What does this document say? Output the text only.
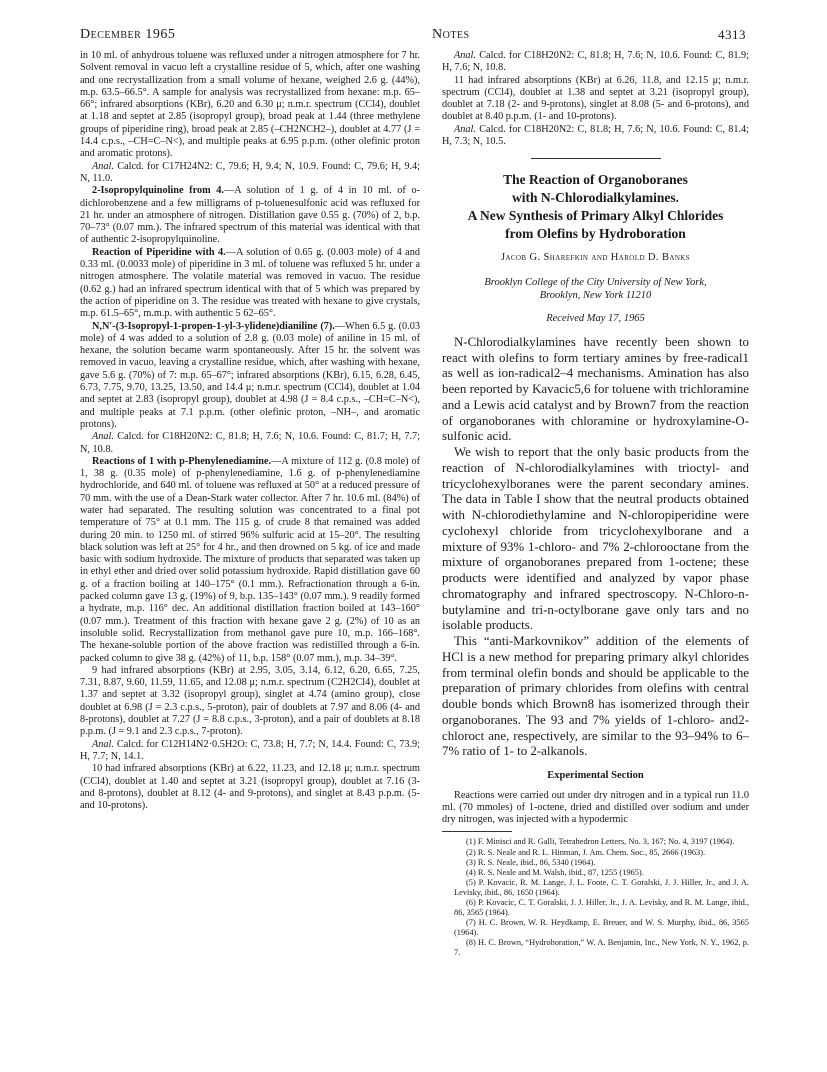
December 1965	Notes	4313

in 10 ml. of anhydrous toluene was refluxed under a nitrogen atmosphere for 7 hr. Solvent removal in vacuo left a crystalline residue of 5, which, after one washing and one recrystallization from a small volume of hexane, weighed 2.6 g. (44%), m.p. 63.5–66.5°. A sample for analysis was recrystallized from hexane: m.p. 65–66°; infrared absorptions (KBr), 6.20 and 6.30 μ; n.m.r. spectrum (CCl4), doublet at 1.18 and septet at 2.85 (isopropyl group), broad peak at 1.44 (three methylene groups of piperidine ring), broad peak at 2.85 (–CH2NCH2–), doublet at 4.77 (J = 14.4 c.p.s., –CH=C–N<), and multiple peaks at 6.95 p.p.m. (other olefinic proton and aromatic protons).

Anal. Calcd. for C17H24N2: C, 79.6; H, 9.4; N, 10.9. Found: C, 79.6; H, 9.4; N, 11.0.

2-Isopropylquinoline from 4.—A solution of 1 g. of 4 in 10 ml. of o-dichlorobenzene and a few milligrams of p-toluenesulfonic acid was refluxed for 21 hr. under an atmosphere of nitrogen. Distillation gave 0.55 g. (70%) of 2, b.p. 70–73° (0.07 mm.). The infrared spectrum of this material was identical with that of authentic 2-isopropylquinoline.

Reaction of Piperidine with 4.—A solution of 0.65 g. (0.003 mole) of 4 and 0.33 ml. (0.0033 mole) of piperidine in 3 ml. of toluene was refluxed 5 hr. under a nitrogen atmosphere. The volatile material was removed in vacuo. The residue (0.62 g.) had an infrared spectrum identical with that of 5 which was prepared by the action of piperidine on 3. The residue was treated with hexane to give crystals, m.p. 61.5–65°, m.m.p. with authentic 5 62–65°.

N,N′-(3-Isopropyl-1-propen-1-yl-3-ylidene)dianiline (7).—When 6.5 g. (0.03 mole) of 4 was added to a solution of 2.8 g. (0.03 mole) of aniline in 15 ml. of hexane, the solution became warm spontaneously. After 15 hr. the solvent was removed in vacuo, leaving a crystalline residue, which, after washing with hexane, gave 5.6 g. (70%) of 7: m.p. 65–67°; infrared absorptions (KBr), 6.15, 6.28, 6.45, 6.73, 7.75, 9.70, 13.25, 13.50, and 14.4 μ; n.m.r. spectrum (CCl4), doublet at 1.04 and septet at 2.83 (isopropyl group), doublet at 4.98 (J = 8.4 c.p.s., –CH=C–N<), and multiple peaks at 7.1 p.p.m. (other olefinic proton, –NH–, and aromatic protons).

Anal. Calcd. for C18H20N2: C, 81.8; H, 7.6; N, 10.6. Found: C, 81.7; H, 7.7; N, 10.8.

Reactions of 1 with p-Phenylenediamine.—A mixture of 112 g. (0.8 mole) of 1, 38 g. (0.35 mole) of p-phenylenediamine, 1.6 g. of p-phenylenediamine hydrochloride, and 640 ml. of toluene was refluxed at 50° at a reduced pressure of 70 mm. with the use of a Dean-Stark water collector. After 7 hr. 10.6 ml. (84%) of water had separated. The resulting solution was concentrated to a final pot temperature of 75° at 0.1 mm. The 115 g. of crude 8 that remained was added during 20 min. to 1250 ml. of stirred 96% sulfuric acid at 15–20°. The resulting black solution was left at 25° for 4 hr., and then drowned on 5 kg. of ice and made basic with sodium hydroxide. The mixture of products that separated was taken up in ethyl ether and dried over solid potassium hydroxide. Rapid distillation gave 60 g. of a fraction boiling at 140–175° (0.1 mm.). Refractionation through a 6-in. packed column gave 13 g. (19%) of 9, b.p. 135–143° (0.07 mm.). 9 readily formed a hydrate, m.p. 116° dec. An additional distillation fraction boiled at 143–160° (0.07 mm.). Treatment of this fraction with hexane gave 2 g. (2%) of 10 as an insoluble solid. Recrystallization from methanol gave pure 10, m.p. 166–168°. The hexane-soluble portion of the above fraction was redistilled through a 6-in. packed column to give 38 g. (42%) of 11, b.p. 158° (0.07 mm.), m.p. 34–39°.

9 had infrared absorptions (KBr) at 2.95, 3.05, 3.14, 6.12, 6.20, 6.65, 7.25, 7.31, 8.87, 9.60, 11.59, 11.65, and 12.08 μ; n.m.r. spectrum (C2H2Cl4), doublet at 1.37 and septet at 3.32 (isopropyl group), singlet at 4.74 (amino group), close doublet at 6.98 (J = 2.3 c.p.s., 5-proton), pair of doublets at 7.97 and 8.06 (4- and 8-protons), doublet at 7.27 (J = 8.8 c.p.s., 3-proton), and a pair of doublets at 8.18 p.p.m. (J = 9.1 and 2.3 c.p.s., 7-proton).

Anal. Calcd. for C12H14N2·0.5H2O: C, 73.8; H, 7.7; N, 14.4. Found: C, 73.9; H, 7.7; N, 14.1.

10 had infrared absorptions (KBr) at 6.22, 11.23, and 12.18 μ; n.m.r. spectrum (CCl4), doublet at 1.40 and septet at 3.21 (isopropyl group), doublet at 7.16 (3- and 8-protons), doublet at 8.12 (4- and 9-protons), and singlet at 8.43 p.p.m. (5- and 10-protons).

Anal. Calcd. for C18H20N2: C, 81.8; H, 7.6; N, 10.6. Found: C, 81.9; H, 7.6; N, 10.8.

11 had infrared absorptions (KBr) at 6.26, 11.8, and 12.15 μ; n.m.r. spectrum (CCl4), doublet at 1.38 and septet at 3.21 (isopropyl group), doublet at 7.18 (2- and 9-protons), singlet at 8.08 (5- and 6-protons), and doublet at 8.40 p.p.m. (1- and 10-protons).

Anal. Calcd. for C18H20N2: C, 81.8; H, 7.6; N, 10.6. Found: C, 81.4; H, 7.3; N, 10.5.

The Reaction of Organoboranes
with N-Chlorodialkylamines.
A New Synthesis of Primary Alkyl Chlorides
from Olefins by Hydroboration
Jacob G. Sharefkin and Harold D. Banks
Brooklyn College of the City University of New York,
Brooklyn, New York 11210
Received May 17, 1965

N-Chlorodialkylamines have recently been shown to react with olefins to form tertiary amines by free-radical1 as well as ion-radical2–4 mechanisms. Amination has also been reported by Kavacic5,6 for toluene with trichloramine and a Lewis acid catalyst and by Brown7 from the reaction of organoboranes with chloramine or hydroxylamine-O-sulfonic acid.

We wish to report that the only basic products from the reaction of N-chlorodialkylamines with trioctyl- and tricyclohexylboranes were the parent secondary amines. The data in Table I show that the neutral products obtained with N-chlorodiethylamine and N-chloropiperidine were cyclohexyl chloride from tricyclohexylborane and a mixture of 93% 1-chloro- and 7% 2-chlorooctane from the mixture of organoboranes prepared from 1-octene; these products were identified and analyzed by vapor phase chromatography and infrared spectroscopy. N-Chloro-n-butylamine and tri-n-octylborane gave only tars and no isolable products.

This “anti-Markovnikov” addition of the elements of HCl is a new method for preparing primary alkyl chlorides from terminal olefin bonds and should be applicable to the preparation of primary chlorides from olefins with central double bonds which Brown8 has isomerized through their organoboranes. The 93 and 7% yields of 1-chloro- and2-chloroct ane, respectively, are similar to the 93–94% to 6–7% ratio of 1- to 2-alkanols.

Experimental Section

Reactions were carried out under dry nitrogen and in a typical run 11.0 ml. (70 mmoles) of 1-octene, dried and distilled over sodium and under dry nitrogen, was injected with a hypodermic

(1) F. Minisci and R. Galli, Tetrahedron Letters, No. 3, 167; No. 4, 3197 (1964).

(2) R. S. Neale and R. L. Hinman, J. Am. Chem. Soc., 85, 2666 (1963).

(3) R. S. Neale, ibid., 86, 5340 (1964).

(4) R. S. Neale and M. Walsh, ibid., 87, 1255 (1965).

(5) P. Kovacic, R. M. Lange, J. L. Foote, C. T. Goralski, J. J. Hiller, Jr., and J. A. Levisky, ibid., 86, 1650 (1964).

(6) P. Kovacic, C. T. Goralski, J. J. Hiller, Jr., J. A. Levisky, and R. M. Lange, ibid., 86, 3565 (1964).

(7) H. C. Brown, W. R. Heydkamp, E. Breuer, and W. S. Murphy, ibid., 86, 3565 (1964).

(8) H. C. Brown, “Hydroboration,” W. A. Benjamin, Inc., New York, N. Y., 1962, p. 7.
